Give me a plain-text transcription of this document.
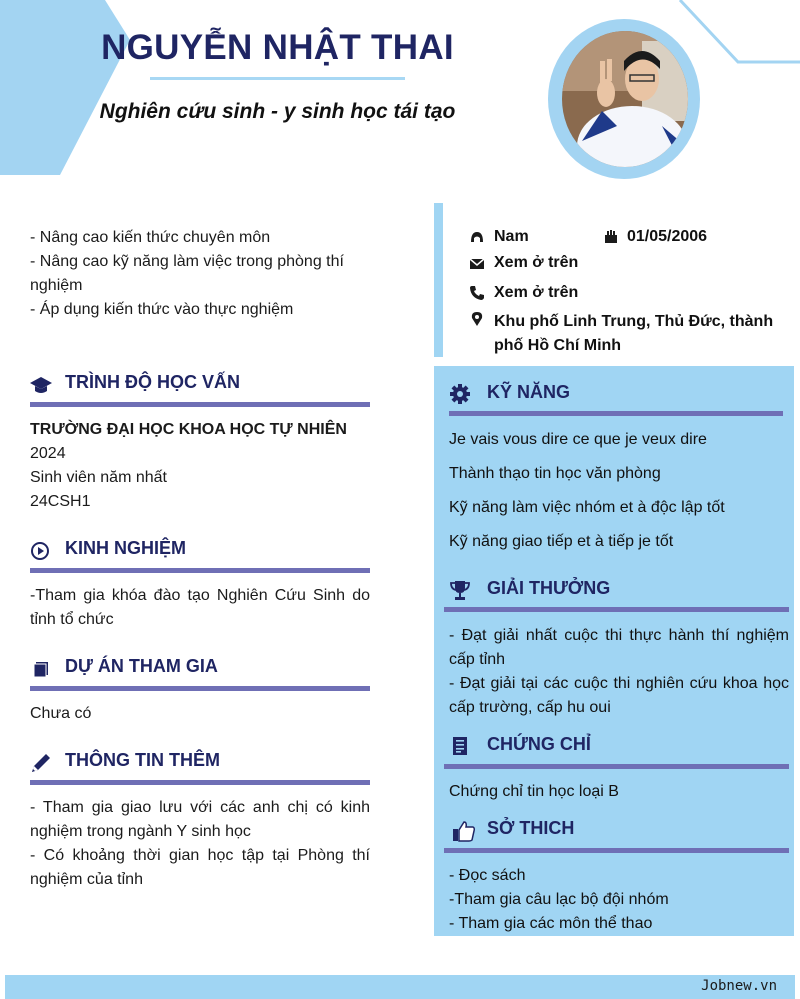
NGUYỄN NHẬT THAI
Nghiên cứu sinh - y sinh học tái tạo
- Nâng cao kiến thức chuyên môn
- Nâng cao kỹ năng làm việc trong phòng thí nghiệm
- Áp dụng kiến thức vào thực nghiệm
Nam	01/05/2006
Xem ở trên
Xem ở trên
Khu phố Linh Trung, Thủ Đức, thành phố Hồ Chí Minh
TRÌNH ĐỘ HỌC VẤN
TRƯỜNG ĐẠI HỌC KHOA HỌC TỰ NHIÊN
2024
Sinh viên năm nhất
24CSH1
KINH NGHIỆM
-Tham gia khóa đào tạo Nghiên Cứu Sinh do tỉnh tổ chức
DỰ ÁN THAM GIA
Chưa có
THÔNG TIN THÊM
- Tham gia giao lưu với các anh chị có kinh nghiệm trong ngành Y sinh học
- Có khoảng thời gian học tập tại Phòng thí nghiệm của tỉnh
KỸ NĂNG
Je vais vous dire ce que je veux dire
Thành thạo tin học văn phòng
Kỹ năng làm việc nhóm et à độc lập tốt
Kỹ năng giao tiếp et à tiếp je tốt
GIẢI THƯỞNG
- Đạt giải nhất cuộc thi thực hành thí nghiệm cấp tỉnh
- Đạt giải tại các cuộc thi nghiên cứu khoa học cấp trường, cấp hu oui
CHỨNG CHỈ
Chứng chỉ tin học loại B
SỞ THICH
- Đọc sách
-Tham gia câu lạc bộ đội nhóm
- Tham gia các môn thể thao
Jobnew.vn
